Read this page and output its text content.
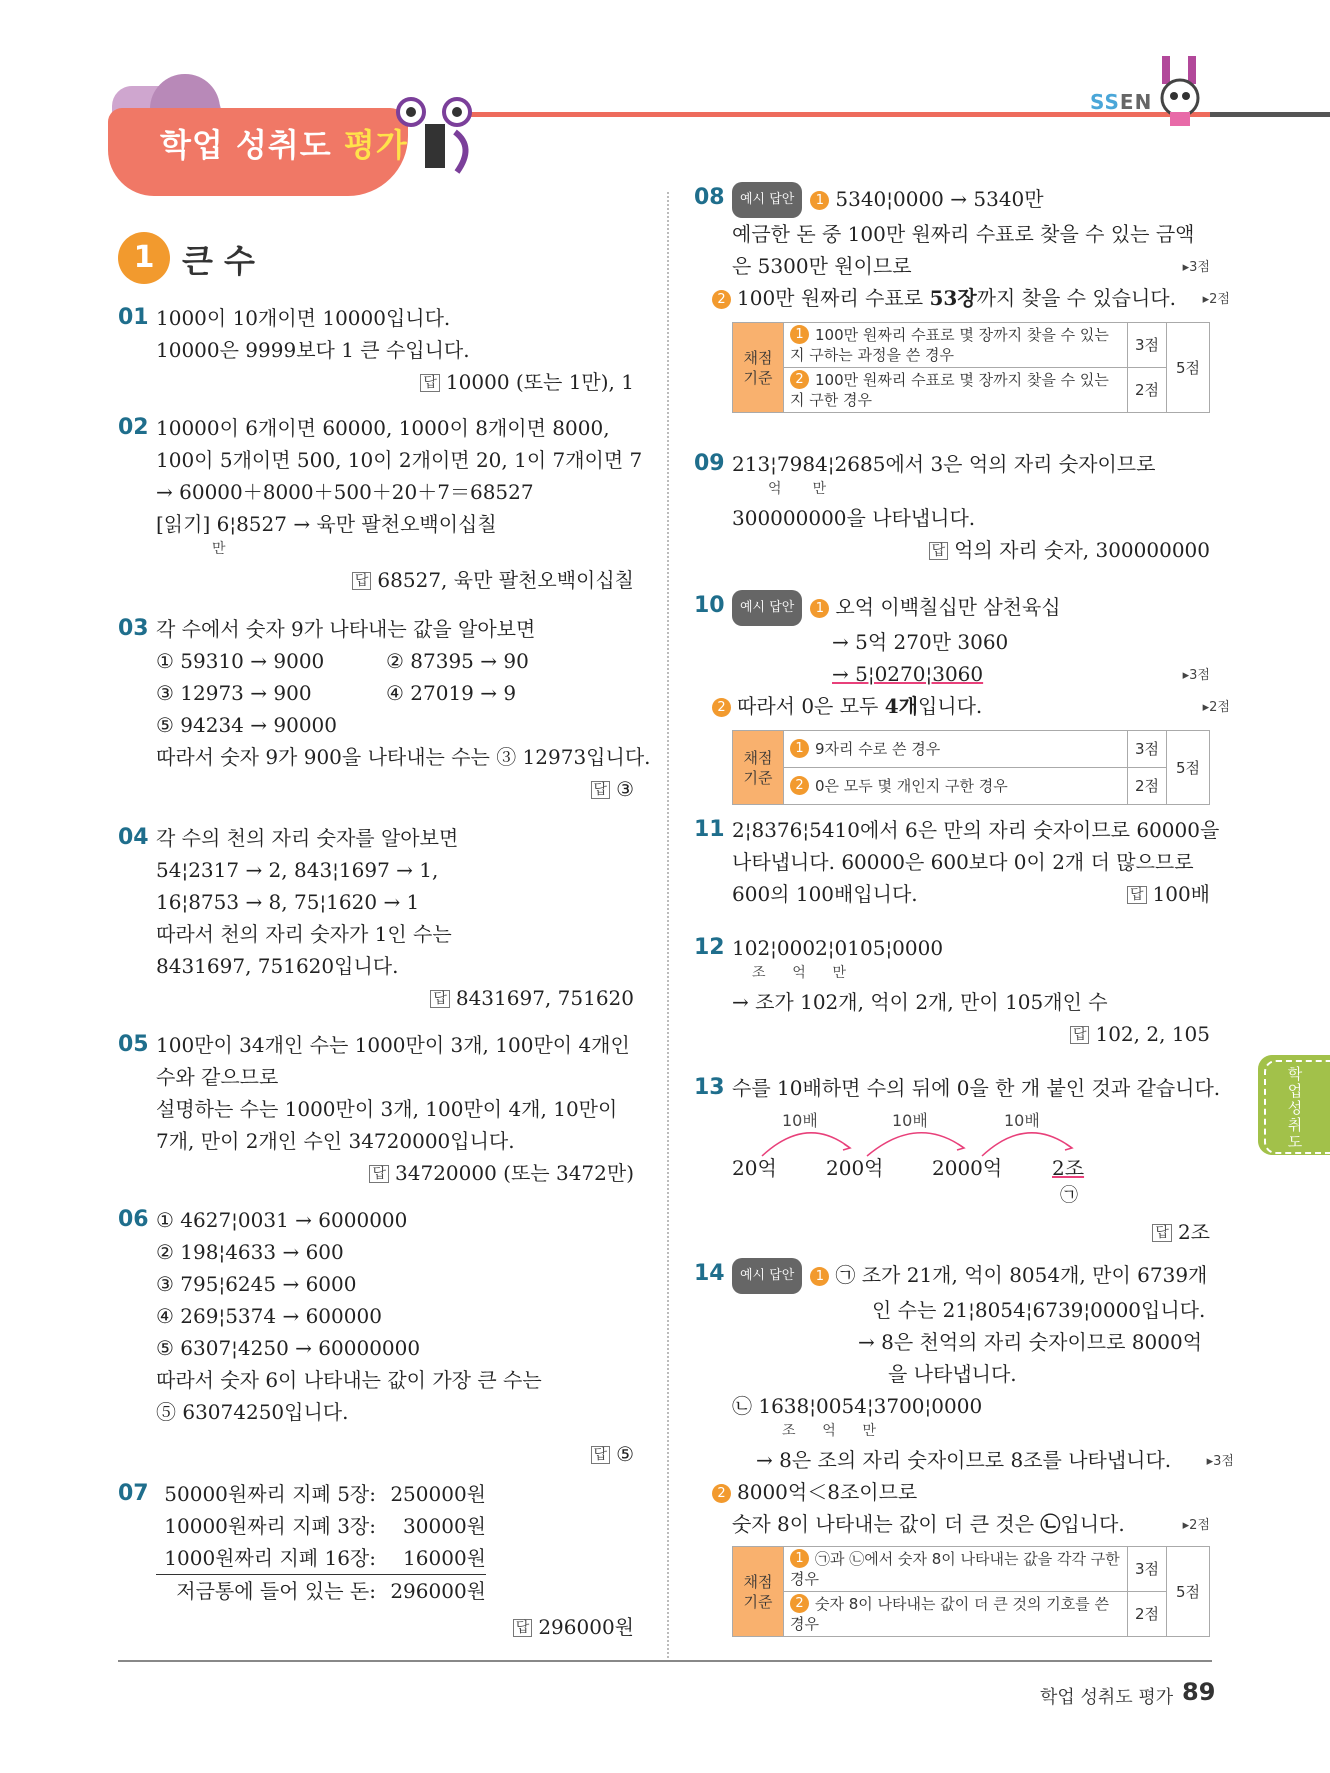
학업 성취도 평가
SSEN
1 큰 수
01 1000이 10개이면 10000입니다.
10000은 9999보다 1 큰 수입니다.
답 10000 (또는 1만), 1
02 10000이 6개이면 60000, 1000이 8개이면 8000,
100이 5개이면 500, 10이 2개이면 20, 1이 7개이면 7
→ 60000＋8000＋500＋20＋7＝68527
[읽기] 6¦8527 → 육만 팔천오백이십칠
만
답 68527, 육만 팔천오백이십칠
03 각 수에서 숫자 9가 나타내는 값을 알아보면
① 59310 → 9000	② 87395 → 90
③ 12973 → 900	④ 27019 → 9
⑤ 94234 → 90000
따라서 숫자 9가 900을 나타내는 수는 ③ 12973입니다.
답 ③
04 각 수의 천의 자리 숫자를 알아보면
54¦2317 → 2, 843¦1697 → 1,
16¦8753 → 8, 75¦1620 → 1
따라서 천의 자리 숫자가 1인 수는
8431697, 751620입니다.
답 8431697, 751620
05 100만이 34개인 수는 1000만이 3개, 100만이 4개인
수와 같으므로
설명하는 수는 1000만이 3개, 100만이 4개, 10만이
7개, 만이 2개인 수인 34720000입니다.
답 34720000 (또는 3472만)
06 ① 4627¦0031 → 6000000
② 198¦4633 → 600
③ 795¦6245 → 6000
④ 269¦5374 → 600000
⑤ 6307¦4250 → 60000000
따라서 숫자 6이 나타내는 값이 가장 큰 수는
⑤ 63074250입니다.
답 ⑤
07 50000원짜리 지폐 5장: 250000원
10000원짜리 지폐 3장: 30000원
1000원짜리 지폐 16장: 16000원
저금통에 들어 있는 돈: 296000원
답 296000원
08	예시 답안 1 5340¦0000 → 5340만
예금한 돈 중 100만 원짜리 수표로 찾을 수 있는 금액
은 5300만 원이므로	▸3점
2 100만 원짜리 수표로 53장까지 찾을 수 있습니다. ▸2점
채점 기준	1 100만 원짜리 수표로 몇 장까지 찾을 수 있는지 구하는 과정을 쓴 경우	3점	5점
	2 100만 원짜리 수표로 몇 장까지 찾을 수 있는지 구한 경우	2점	
09 213¦7984¦2685에서 3은 억의 자리 숫자이므로
억       만
300000000을 나타냅니다.
답 억의 자리 숫자, 300000000
10	예시 답안 1 오억 이백칠십만 삼천육십
→ 5억 270만 3060
→ 5¦0270¦3060	▸3점
2 따라서 0은 모두 4개입니다.	▸2점
채점 기준	1 9자리 수로 쓴 경우	3점	5점
	2 0은 모두 몇 개인지 구한 경우	2점	
11 2¦8376¦5410에서 6은 만의 자리 숫자이므로 60000을
나타냅니다. 60000은 600보다 0이 2개 더 많으므로
600의 100배입니다.	답 100배
12 102¦0002¦0105¦0000
조      억      만
→ 조가 102개, 억이 2개, 만이 105개인 수
답 102, 2, 105
13 수를 10배하면 수의 뒤에 0을 한 개 붙인 것과 같습니다.
10배	10배	10배
20억 200억 2000억 2조
㉠
답 2조
14	예시 답안 1 ㉠ 조가 21개, 억이 8054개, 만이 6739개
인 수는 21¦8054¦6739¦0000입니다.
→ 8은 천억의 자리 숫자이므로 8000억
을 나타냅니다.
㉡ 1638¦0054¦3700¦0000
조      억      만
→ 8은 조의 자리 숫자이므로 8조를 나타냅니다.	▸3점
2 8000억＜8조이므로
숫자 8이 나타내는 값이 더 큰 것은 ㉡입니다.	▸2점
채점 기준	1 ㉠과 ㉡에서 숫자 8이 나타내는 값을 각각 구한 경우	3점	5점
	2 숫자 8이 나타내는 값이 더 큰 것의 기호를 쓴 경우	2점	
학업성취도
학업 성취도 평가 89
